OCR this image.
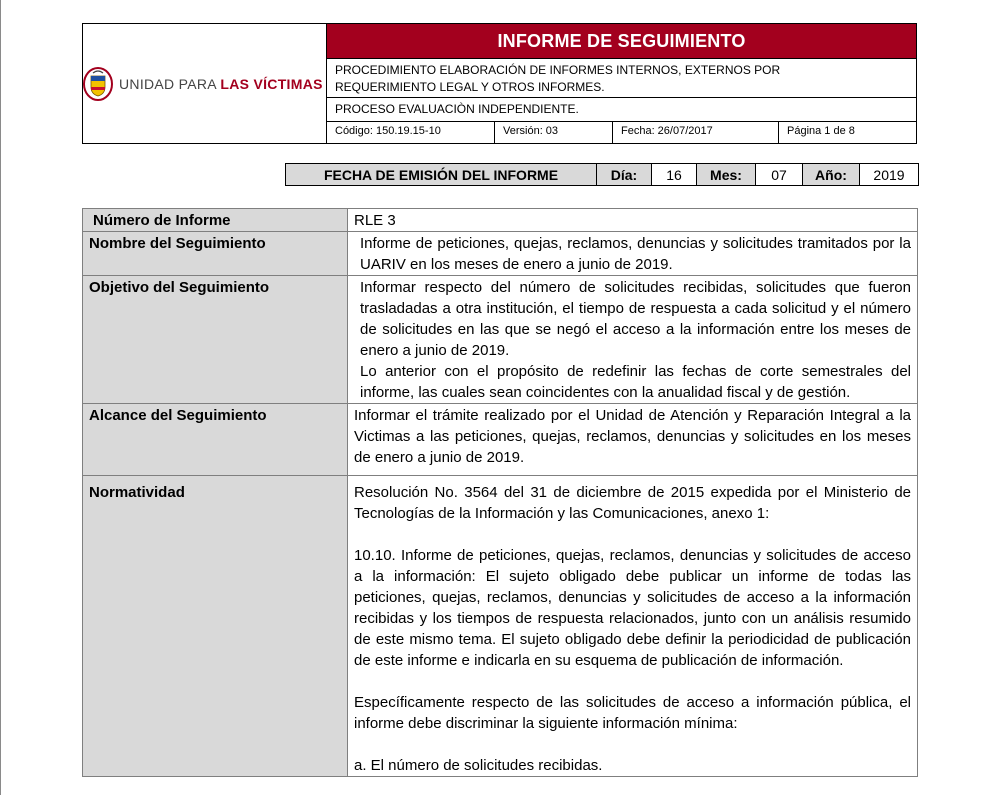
UNIDAD PARA LAS VÍCTIMAS
INFORME DE SEGUIMIENTO
PROCEDIMIENTO ELABORACIÓN DE INFORMES INTERNOS, EXTERNOS POR
REQUERIMIENTO LEGAL Y OTROS INFORMES.
PROCESO EVALUACIÒN INDEPENDIENTE.
Código: 150.19.15-10	Versión: 03	Fecha: 26/07/2017	Página 1 de 8
FECHA DE EMISIÓN DEL INFORME	Día:	16	Mes:	07	Año:	2019
Número de Informe	RLE 3
Nombre del Seguimiento	Informe de peticiones, quejas, reclamos, denuncias y solicitudes tramitados por la UARIV en los meses de enero a junio de 2019.
Objetivo del Seguimiento	Informar respecto del número de solicitudes recibidas, solicitudes que fueron trasladadas a otra institución, el tiempo de respuesta a cada solicitud y el número de solicitudes en las que se negó el acceso a la información entre los meses de enero a junio de 2019.

Lo anterior con el propósito de redefinir las fechas de corte semestrales del informe, las cuales sean coincidentes con la anualidad fiscal y de gestión.

Alcance del Seguimiento	Informar el trámite realizado por el Unidad de Atención y Reparación Integral a la Victimas a las peticiones, quejas, reclamos, denuncias y solicitudes en los meses de enero a junio de 2019.
Normatividad	Resolución No. 3564 del 31 de diciembre de 2015 expedida por el Ministerio de Tecnologías de la Información y las Comunicaciones, anexo 1:

10.10. Informe de peticiones, quejas, reclamos, denuncias y solicitudes de acceso a la información: El sujeto obligado debe publicar un informe de todas las peticiones, quejas, reclamos, denuncias y solicitudes de acceso a la información recibidas y los tiempos de respuesta relacionados, junto con un análisis resumido de este mismo tema. El sujeto obligado debe definir la periodicidad de publicación de este informe e indicarla en su esquema de publicación de información.

Específicamente respecto de las solicitudes de acceso a información pública, el informe debe discriminar la siguiente información mínima:

a. El número de solicitudes recibidas.
